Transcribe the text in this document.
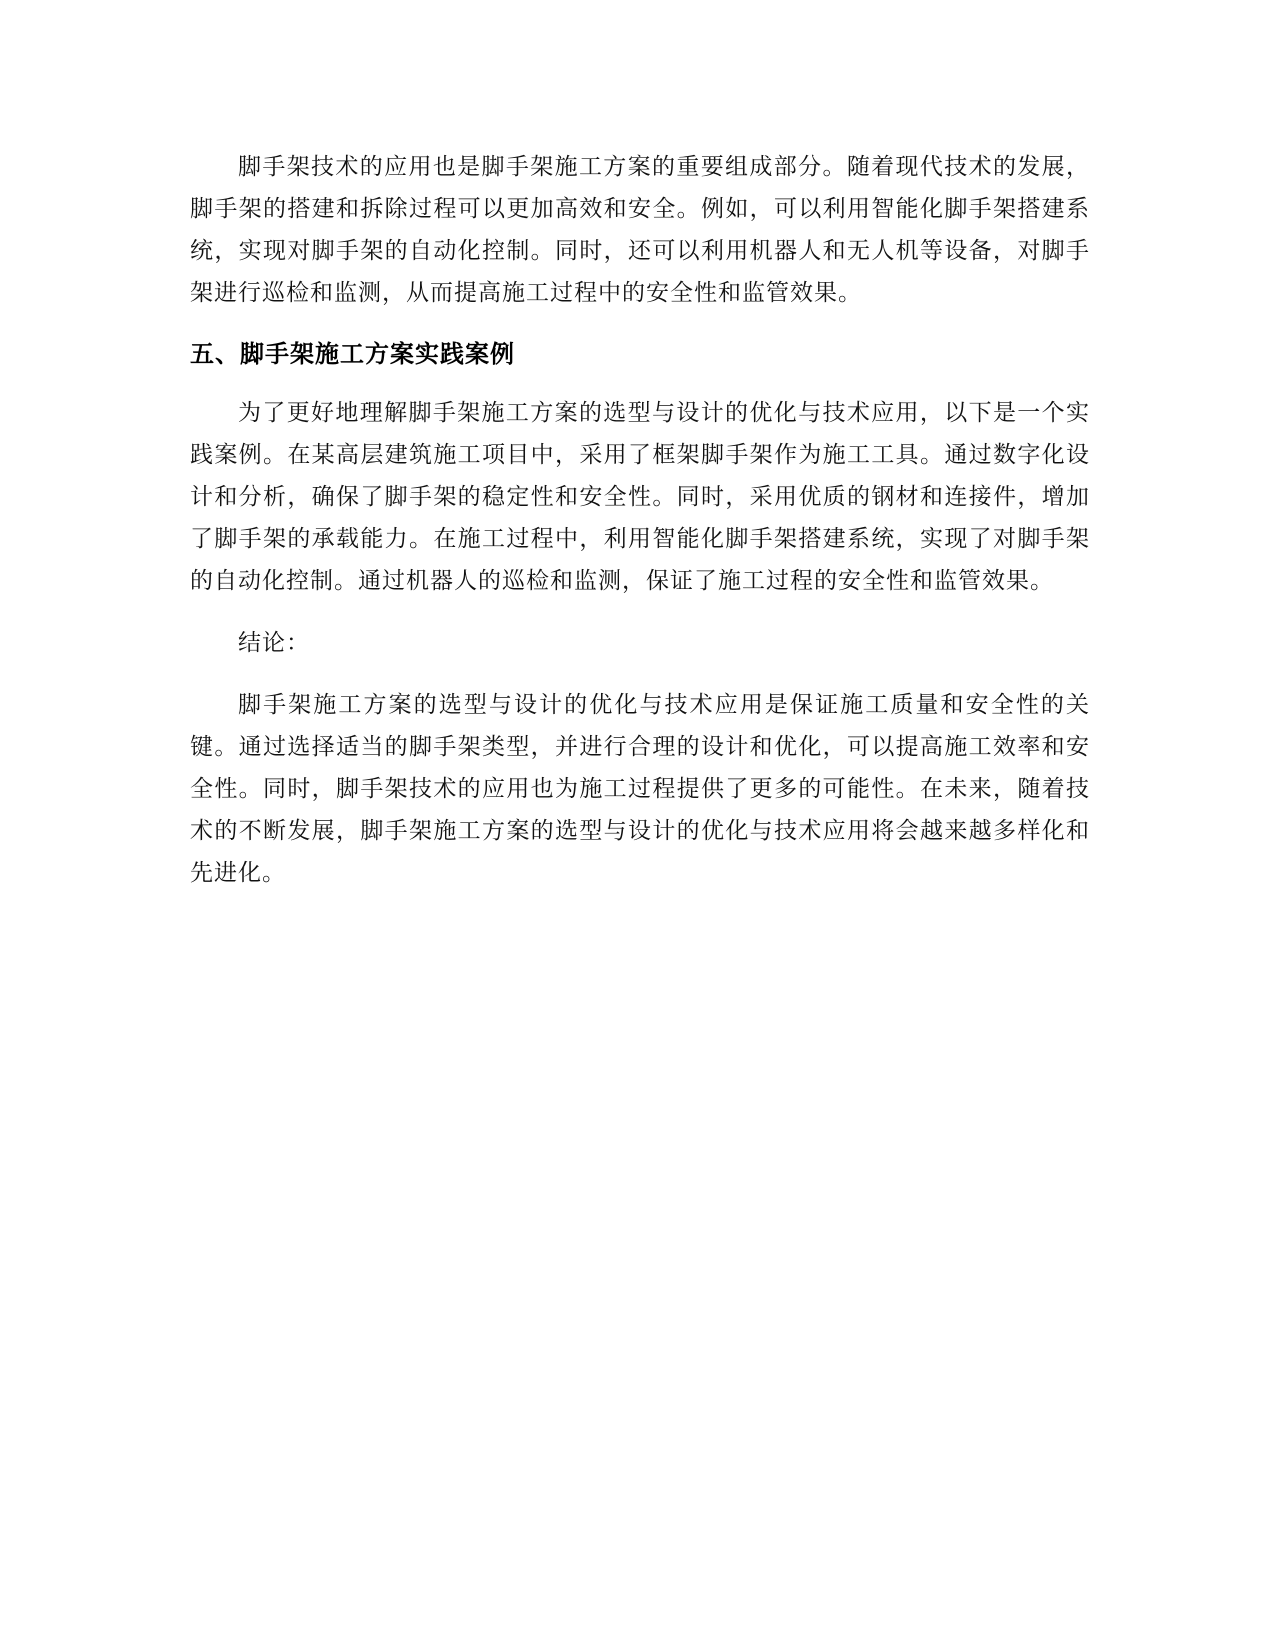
脚手架技术的应用也是脚手架施工方案的重要组成部分。随着现代技术的发展，脚手架的搭建和拆除过程可以更加高效和安全。例如，可以利用智能化脚手架搭建系统，实现对脚手架的自动化控制。同时，还可以利用机器人和无人机等设备，对脚手架进行巡检和监测，从而提高施工过程中的安全性和监管效果。

五、脚手架施工方案实践案例

为了更好地理解脚手架施工方案的选型与设计的优化与技术应用，以下是一个实践案例。在某高层建筑施工项目中，采用了框架脚手架作为施工工具。通过数字化设计和分析，确保了脚手架的稳定性和安全性。同时，采用优质的钢材和连接件，增加了脚手架的承载能力。在施工过程中，利用智能化脚手架搭建系统，实现了对脚手架的自动化控制。通过机器人的巡检和监测，保证了施工过程的安全性和监管效果。

结论：

脚手架施工方案的选型与设计的优化与技术应用是保证施工质量和安全性的关键。通过选择适当的脚手架类型，并进行合理的设计和优化，可以提高施工效率和安全性。同时，脚手架技术的应用也为施工过程提供了更多的可能性。在未来，随着技术的不断发展，脚手架施工方案的选型与设计的优化与技术应用将会越来越多样化和先进化。
